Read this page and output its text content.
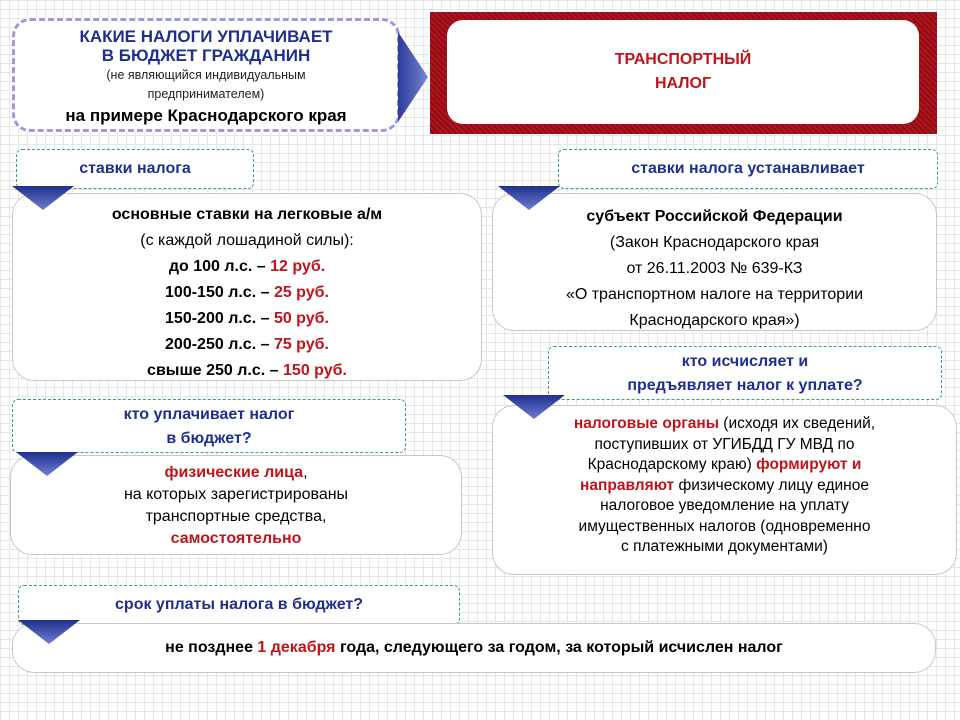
КАКИЕ НАЛОГИ УПЛАЧИВАЕТ
В БЮДЖЕТ ГРАЖДАНИН
(не являющийся индивидуальным
предпринимателем)
на примере Краснодарского края
ТРАНСПОРТНЫЙ
НАЛОГ
ставки налога
основные ставки на легковые а/м
(с каждой лошадиной силы):
до 100 л.с. – 12 руб.
100-150 л.с. – 25 руб.
150-200 л.с. – 50 руб.
200-250 л.с. – 75 руб.
свыше 250 л.с. – 150 руб.
ставки налога устанавливает
субъект Российской Федерации
(Закон Краснодарского края
от 26.11.2003 № 639-КЗ
«О транспортном налоге на территории
Краснодарского края»)
кто уплачивает налог
в бюджет?
физические лица,
на которых зарегистрированы
транспортные средства,
самостоятельно
кто исчисляет и
предъявляет налог к уплате?
налоговые органы (исходя их сведений,
поступивших от УГИБДД ГУ МВД по
Краснодарскому краю) формируют и
направляют физическому лицу единое
налоговое уведомление на уплату
имущественных налогов (одновременно
с платежными документами)
срок уплаты налога в бюджет?
не позднее 1 декабря года, следующего за годом, за который исчислен налог
